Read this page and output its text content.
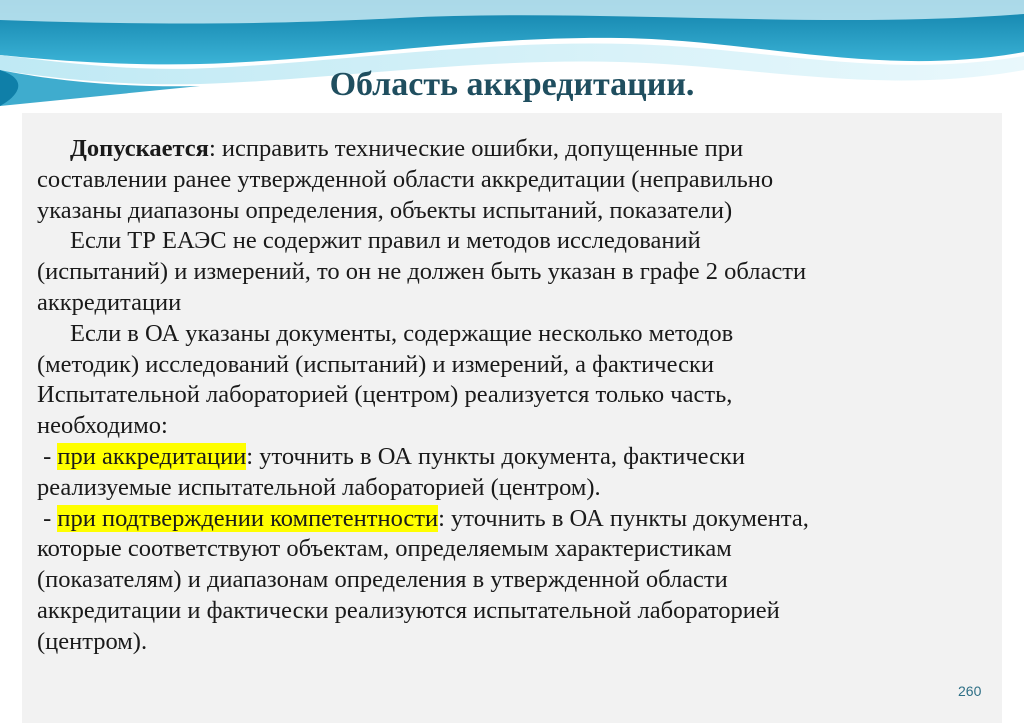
Область аккредитации.
Допускается: исправить технические ошибки, допущенные при
составлении ранее утвержденной области аккредитации (неправильно
указаны диапазоны определения, объекты испытаний, показатели)
Если ТР ЕАЭС не содержит правил и методов исследований
(испытаний) и измерений, то он не должен быть указан в графе 2 области
аккредитации
Если в ОА указаны документы, содержащие несколько методов
(методик) исследований (испытаний) и измерений, а фактически
Испытательной лабораторией (центром) реализуется только часть,
необходимо:
- при аккредитации: уточнить в ОА пункты документа, фактически
реализуемые испытательной лабораторией (центром).
- при подтверждении компетентности: уточнить в ОА пункты документа,
которые соответствуют объектам, определяемым характеристикам
(показателям) и диапазонам определения в утвержденной области
аккредитации и фактически реализуются испытательной лабораторией
(центром).
260
